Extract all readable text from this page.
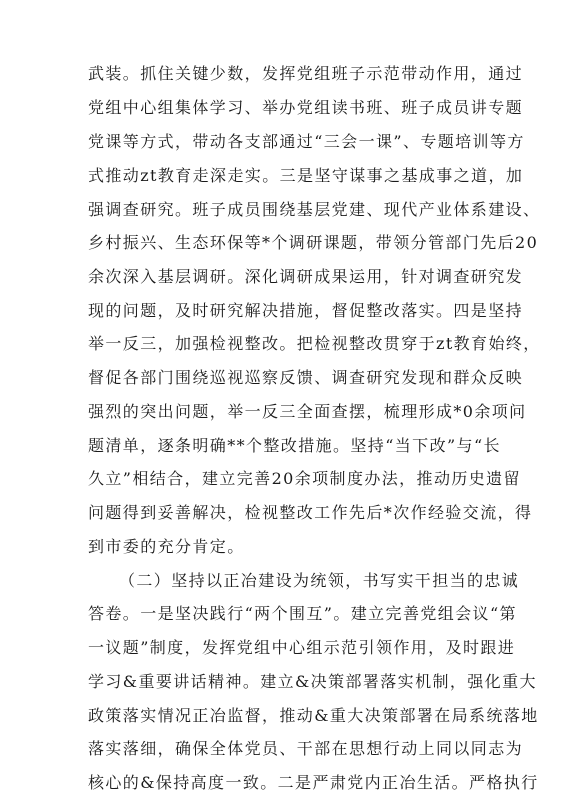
武装。抓住关键少数，发挥党组班子示范带动作用，通过
党组中心组集体学习、举办党组读书班、班子成员讲专题
党课等方式，带动各支部通过“三会一课”、专题培训等方
式推动zt教育走深走实。三是坚守谋事之基成事之道，加
强调查研究。班子成员围绕基层党建、现代产业体系建设、
乡村振兴、生态环保等*个调研课题，带领分管部门先后20
余次深入基层调研。深化调研成果运用，针对调查研究发
现的问题，及时研究解决措施，督促整改落实。四是坚持
举一反三，加强检视整改。把检视整改贯穿于zt教育始终，
督促各部门围绕巡视巡察反馈、调查研究发现和群众反映
强烈的突出问题，举一反三全面查摆，梳理形成*0余项问
题清单，逐条明确**个整改措施。坚持“当下改”与“长
久立”相结合，建立完善20余项制度办法，推动历史遗留
问题得到妥善解决，检视整改工作先后*次作经验交流，得
到市委的充分肯定。
（二）坚持以正冶建设为统领，书写实干担当的忠诚
答卷。一是坚决践行“两个围互”。建立完善党组会议“第
一议题”制度，发挥党组中心组示范引领作用，及时跟进
学习&重要讲话精神。建立&决策部署落实机制，强化重大
政策落实情况正冶监督，推动&重大决策部署在局系统落地
落实落细，确保全体党员、干部在思想行动上同以同志为
核心的&保持高度一致。二是严肃党内正冶生活。严格执行
